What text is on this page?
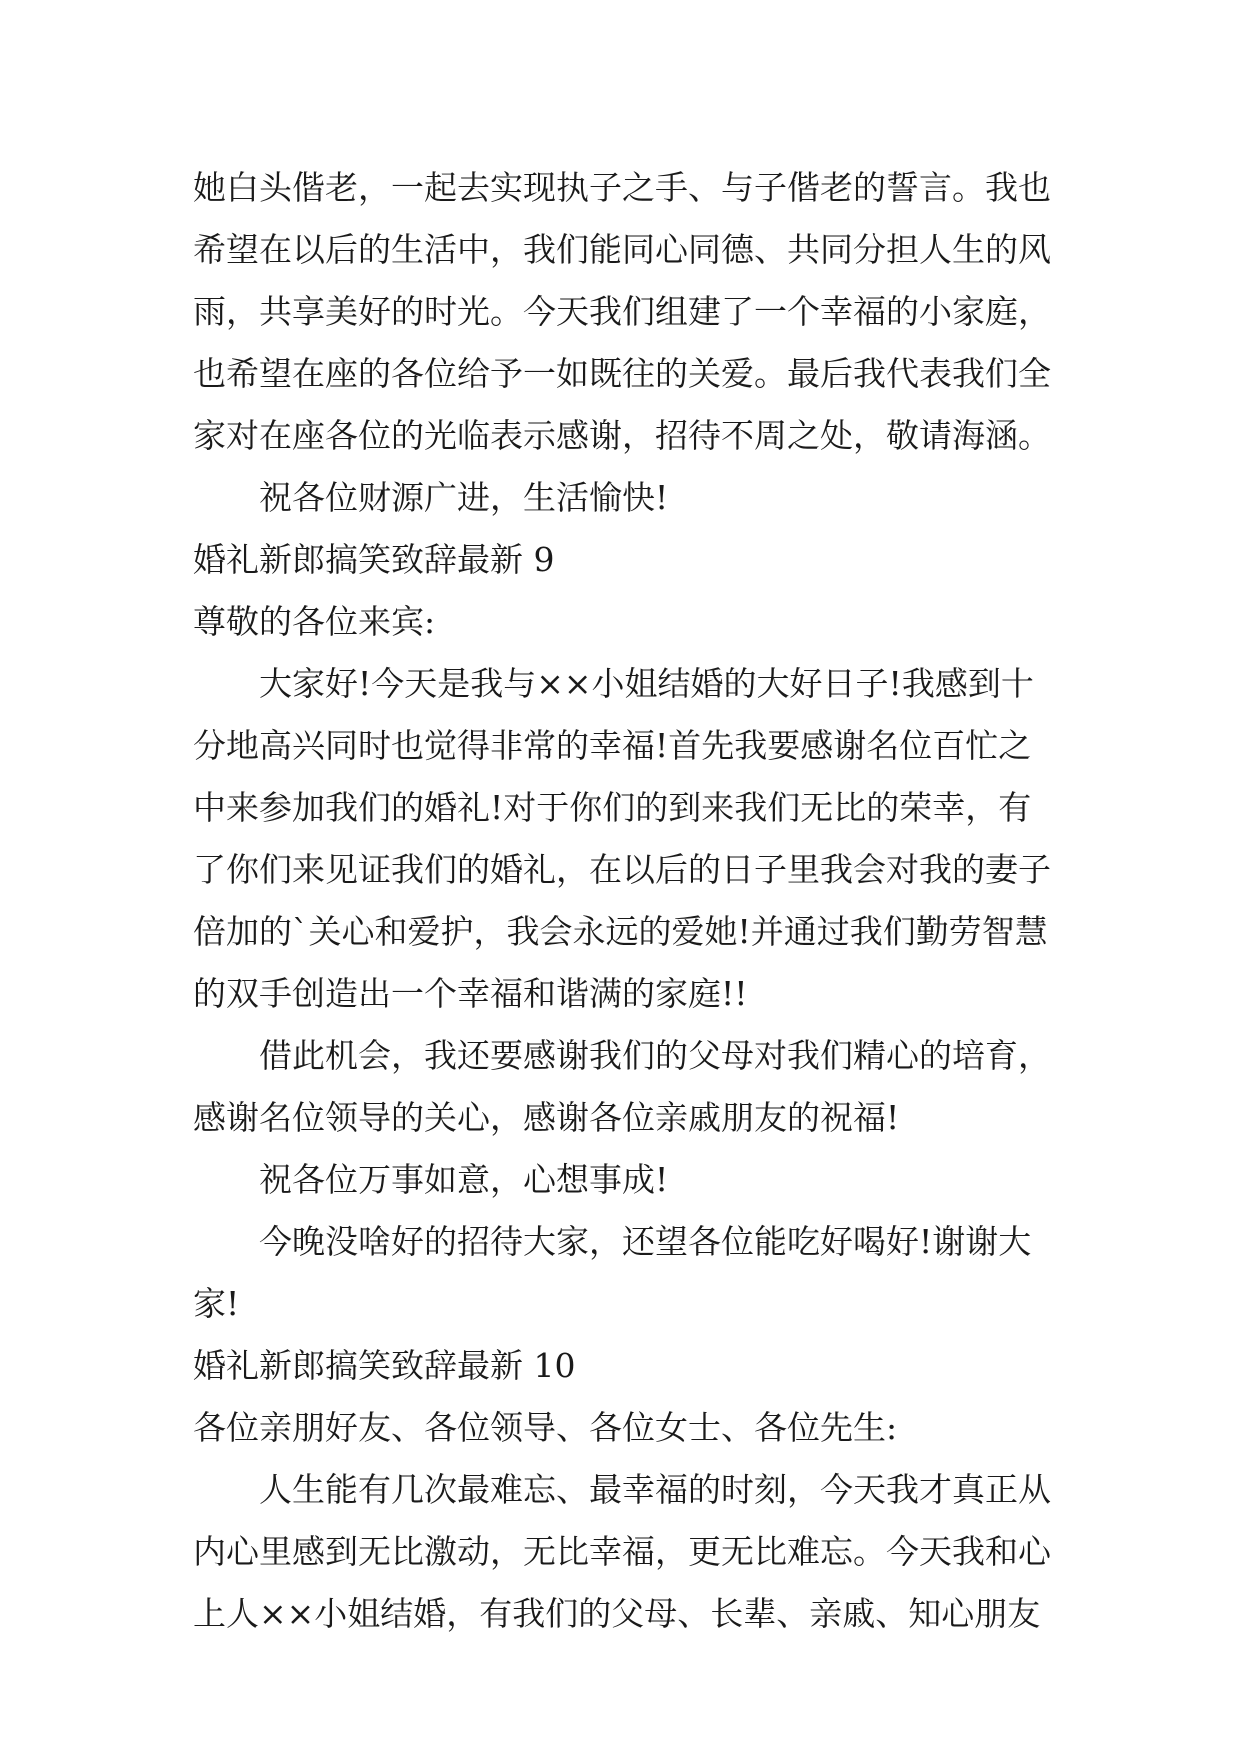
她白头偕老，一起去实现执子之手、与子偕老的誓言。我也
希望在以后的生活中，我们能同心同德、共同分担人生的风
雨，共享美好的时光。今天我们组建了一个幸福的小家庭，
也希望在座的各位给予一如既往的关爱。最后我代表我们全
家对在座各位的光临表示感谢，招待不周之处，敬请海涵。
祝各位财源广进，生活愉快!
婚礼新郎搞笑致辞最新 9
尊敬的各位来宾:
大家好!今天是我与××小姐结婚的大好日子!我感到十
分地高兴同时也觉得非常的幸福!首先我要感谢名位百忙之
中来参加我们的婚礼!对于你们的到来我们无比的荣幸，有
了你们来见证我们的婚礼，在以后的日子里我会对我的妻子
倍加的`关心和爱护，我会永远的爱她!并通过我们勤劳智慧
的双手创造出一个幸福和谐满的家庭!!
借此机会，我还要感谢我们的父母对我们精心的培育，
感谢名位领导的关心，感谢各位亲戚朋友的祝福!
祝各位万事如意，心想事成!
今晚没啥好的招待大家，还望各位能吃好喝好!谢谢大
家!
婚礼新郎搞笑致辞最新 10
各位亲朋好友、各位领导、各位女士、各位先生:
人生能有几次最难忘、最幸福的时刻，今天我才真正从
内心里感到无比激动，无比幸福，更无比难忘。今天我和心
上人××小姐结婚，有我们的父母、长辈、亲戚、知心朋友
